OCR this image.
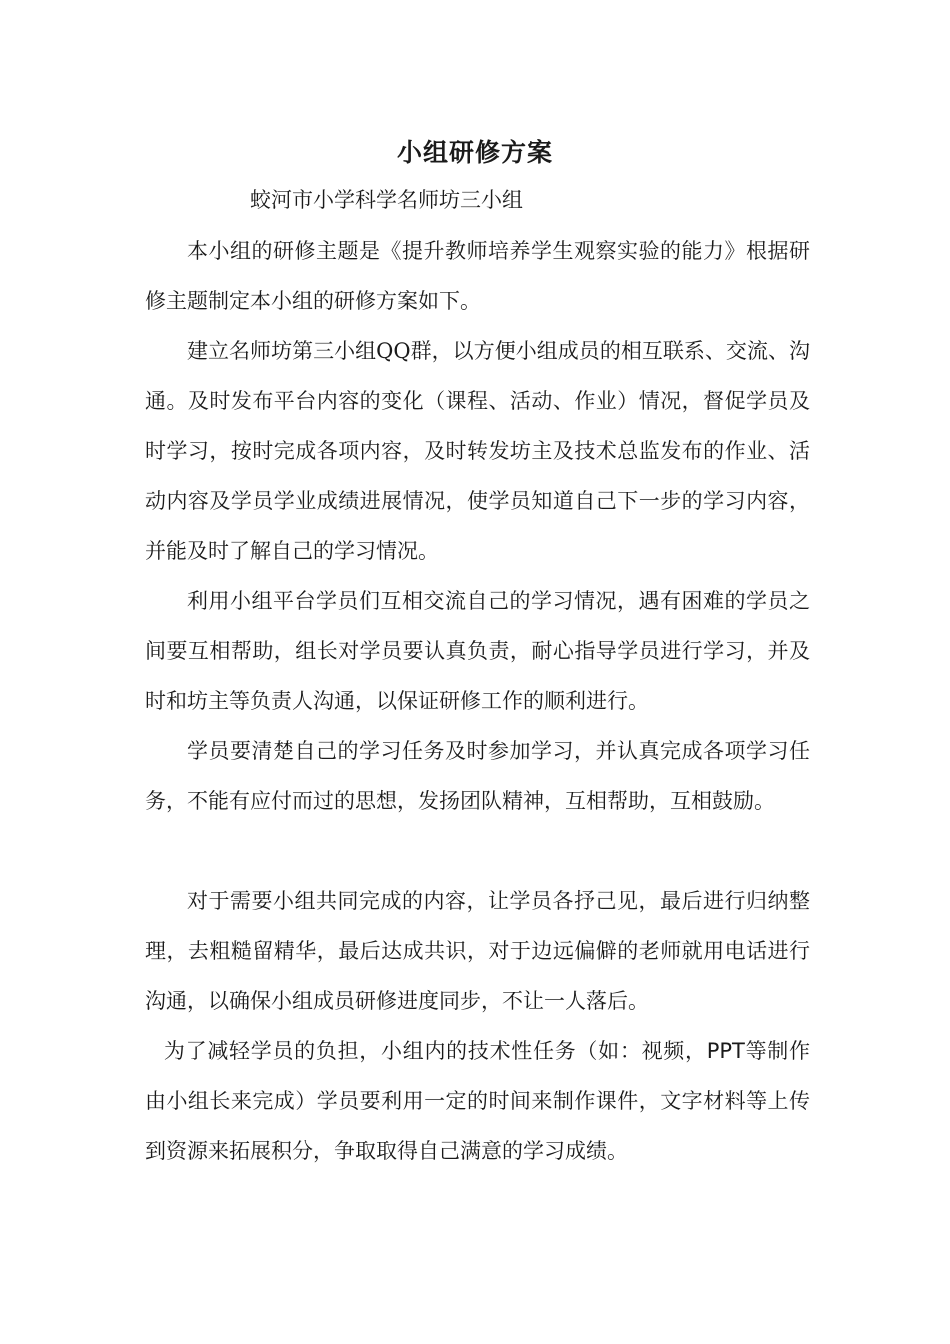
小组研修方案

蛟河市小学科学名师坊三小组

本小组的研修主题是《提升教师培养学生观察实验的能力》根据研修主题制定本小组的研修方案如下。

建立名师坊第三小组QQ群，以方便小组成员的相互联系、交流、沟通。及时发布平台内容的变化（课程、活动、作业）情况，督促学员及时学习，按时完成各项内容，及时转发坊主及技术总监发布的作业、活动内容及学员学业成绩进展情况，使学员知道自己下一步的学习内容，并能及时了解自己的学习情况。

利用小组平台学员们互相交流自己的学习情况，遇有困难的学员之间要互相帮助，组长对学员要认真负责，耐心指导学员进行学习，并及时和坊主等负责人沟通，以保证研修工作的顺利进行。

学员要清楚自己的学习任务及时参加学习，并认真完成各项学习任务，不能有应付而过的思想，发扬团队精神，互相帮助，互相鼓励。

对于需要小组共同完成的内容，让学员各抒己见，最后进行归纳整理，去粗糙留精华，最后达成共识，对于边远偏僻的老师就用电话进行沟通，以确保小组成员研修进度同步，不让一人落后。

为了减轻学员的负担，小组内的技术性任务（如：视频，PPT等制作由小组长来完成）学员要利用一定的时间来制作课件，文字材料等上传到资源来拓展积分，争取取得自己满意的学习成绩。
